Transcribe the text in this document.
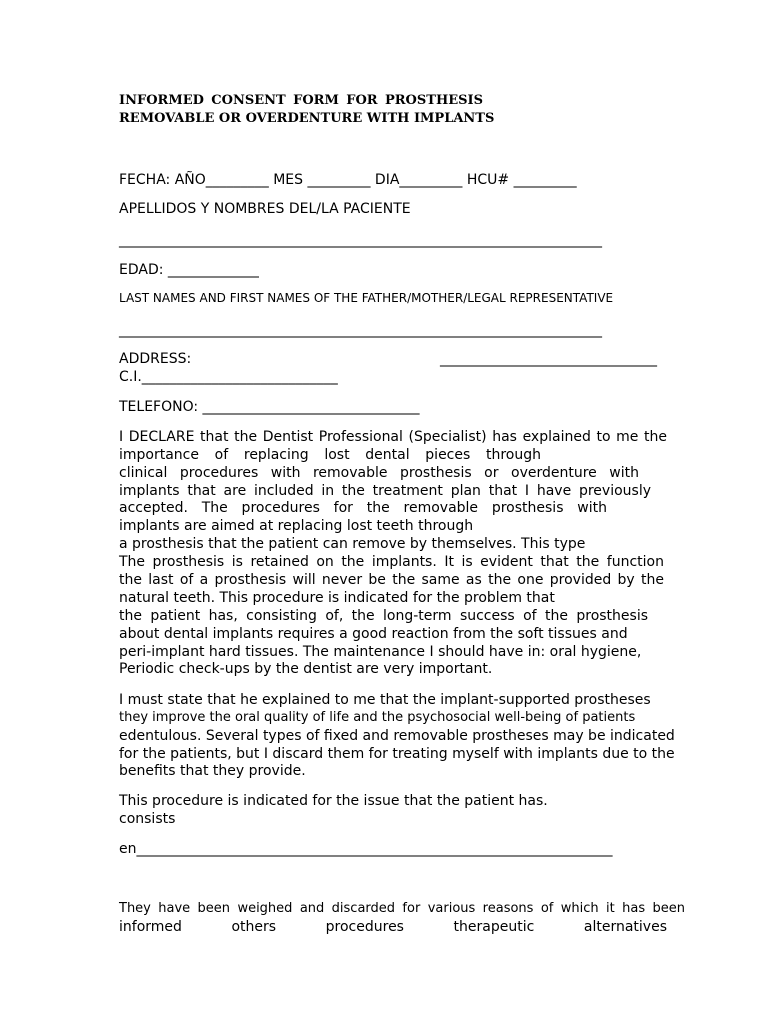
INFORMED CONSENT FORM FOR PROSTHESIS
REMOVABLE OR OVERDENTURE WITH IMPLANTS
FECHA: AÑO_________ MES _________ DIA_________ HCU# _________
APELLIDOS Y NOMBRES DEL/LA PACIENTE
_____________________________________________________________________
EDAD: _____________
LAST NAMES AND FIRST NAMES OF THE FATHER/MOTHER/LEGAL REPRESENTATIVE
_____________________________________________________________________
ADDRESS:	_______________________________
C.I.____________________________
TELEFONO: _______________________________
I DECLARE that the Dentist Professional (Specialist) has explained to me the
importance of replacing lost dental pieces through
clinical procedures with removable prosthesis or overdenture with
implants that are included in the treatment plan that I have previously
accepted. The procedures for the removable prosthesis with
implants are aimed at replacing lost teeth through
a prosthesis that the patient can remove by themselves. This type
The prosthesis is retained on the implants. It is evident that the function
the last of a prosthesis will never be the same as the one provided by the
natural teeth. This procedure is indicated for the problem that
the patient has, consisting of, the long-term success of the prosthesis
about dental implants requires a good reaction from the soft tissues and
peri-implant hard tissues. The maintenance I should have in: oral hygiene,
Periodic check-ups by the dentist are very important.
I must state that he explained to me that the implant-supported prostheses
they improve the oral quality of life and the psychosocial well-being of patients
edentulous. Several types of fixed and removable prostheses may be indicated
for the patients, but I discard them for treating myself with implants due to the
benefits that they provide.
This procedure is indicated for the issue that the patient has.
consists
en____________________________________________________________________
They have been weighed and discarded for various reasons of which it has been
informed others procedures therapeutic alternatives
